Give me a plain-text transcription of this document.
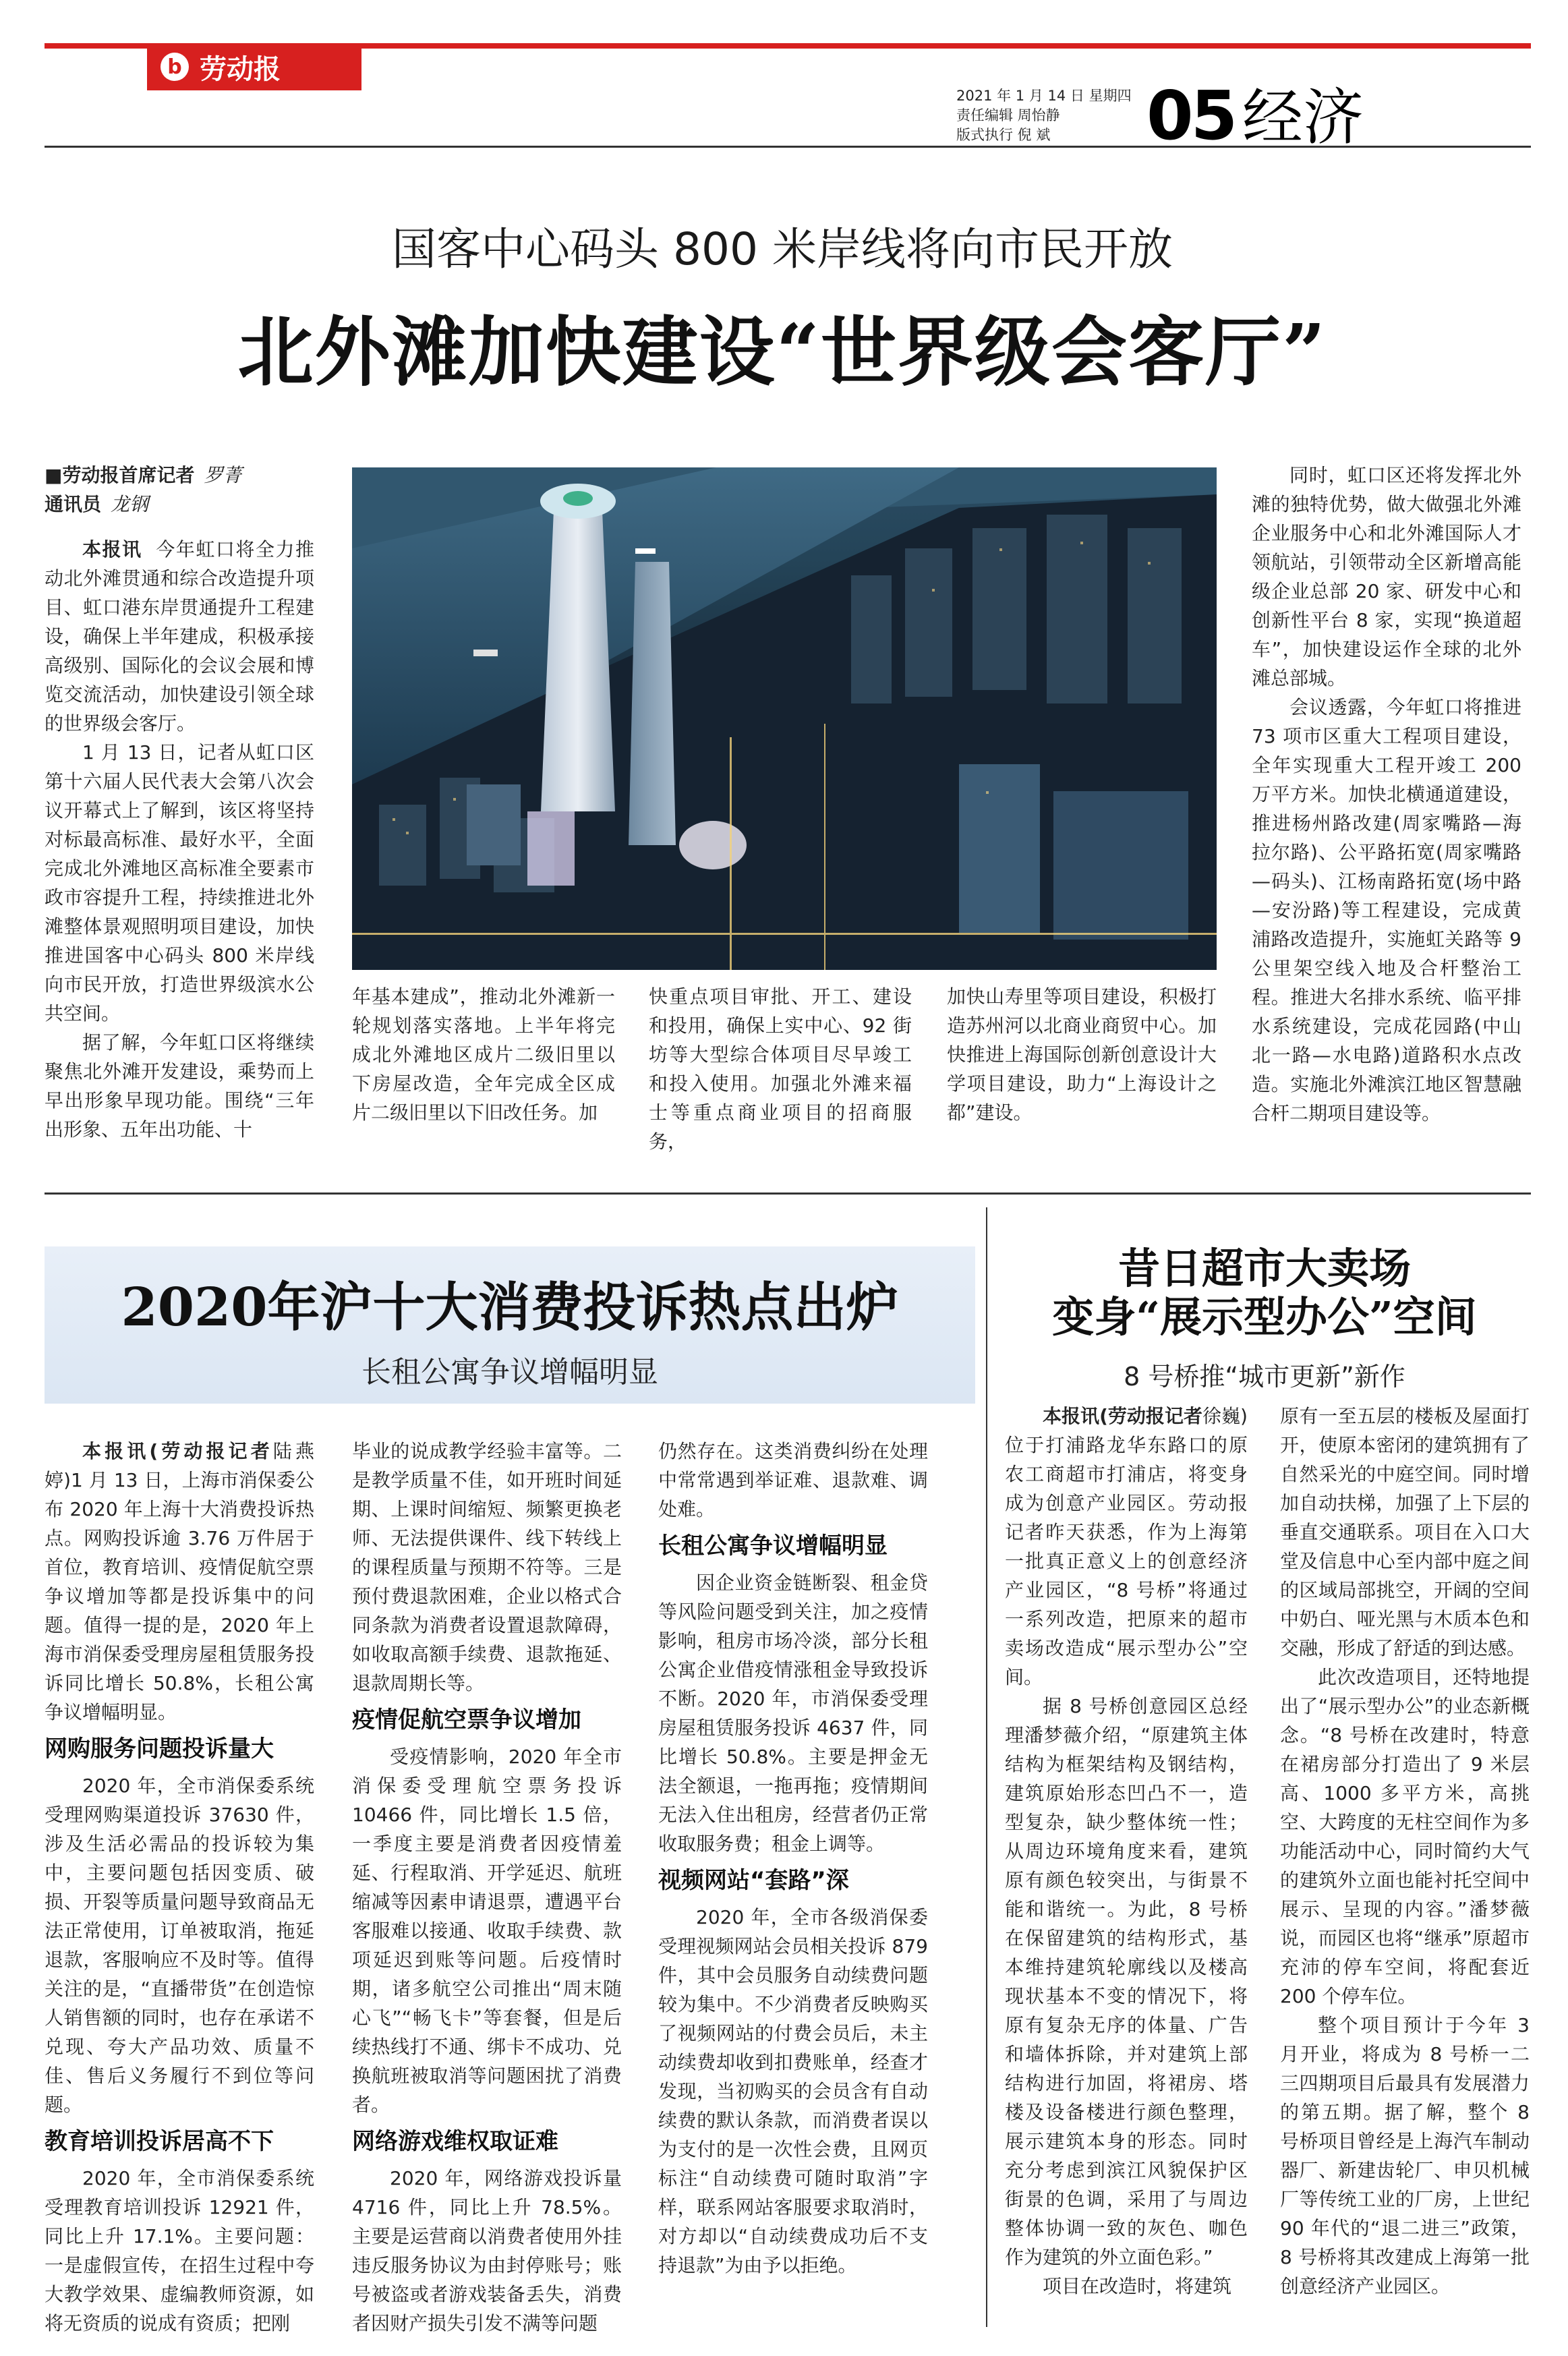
b 劳动报
2021 年 1 月 14 日 星期四
责任编辑 周怡静
版式执行 倪 斌	05 经济
国客中心码头 800 米岸线将向市民开放
北外滩加快建设“世界级会客厅”

■劳动报首席记者 罗菁

通讯员 龙钢

本报讯 今年虹口将全力推动北外滩贯通和综合改造提升项目、虹口港东岸贯通提升工程建设，确保上半年建成，积极承接高级别、国际化的会议会展和博览交流活动，加快建设引领全球的世界级会客厅。

1 月 13 日，记者从虹口区第十六届人民代表大会第八次会议开幕式上了解到，该区将坚持对标最高标准、最好水平，全面完成北外滩地区高标准全要素市政市容提升工程，持续推进北外滩整体景观照明项目建设，加快推进国客中心码头 800 米岸线向市民开放，打造世界级滨水公共空间。

据了解，今年虹口区将继续聚焦北外滩开发建设，乘势而上早出形象早现功能。围绕“三年出形象、五年出功能、十

年基本建成”，推动北外滩新一轮规划落实落地。上半年将完成北外滩地区成片二级旧里以下房屋改造，全年完成全区成片二级旧里以下旧改任务。加
快重点项目审批、开工、建设和投用，确保上实中心、92 街坊等大型综合体项目尽早竣工和投入使用。加强北外滩来福士等重点商业项目的招商服务，
加快山寿里等项目建设，积极打造苏州河以北商业商贸中心。加快推进上海国际创新创意设计大学项目建设，助力“上海设计之都”建设。

同时，虹口区还将发挥北外滩的独特优势，做大做强北外滩企业服务中心和北外滩国际人才领航站，引领带动全区新增高能级企业总部 20 家、研发中心和创新性平台 8 家，实现“换道超车”，加快建设运作全球的北外滩总部城。

会议透露，今年虹口将推进 73 项市区重大工程项目建设，全年实现重大工程开竣工 200 万平方米。加快北横通道建设，推进杨州路改建(周家嘴路—海拉尔路)、公平路拓宽(周家嘴路—码头)、江杨南路拓宽(场中路—安汾路)等工程建设，完成黄浦路改造提升，实施虹关路等 9 公里架空线入地及合杆整治工程。推进大名排水系统、临平排水系统建设，完成花园路(中山北一路—水电路)道路积水点改造。实施北外滩滨江地区智慧融合杆二期项目建设等。

2020年沪十大消费投诉热点出炉
长租公寓争议增幅明显

本报讯(劳动报记者陆燕婷)1 月 13 日，上海市消保委公布 2020 年上海十大消费投诉热点。网购投诉逾 3.76 万件居于首位，教育培训、疫情促航空票争议增加等都是投诉集中的问题。值得一提的是，2020 年上海市消保委受理房屋租赁服务投诉同比增长 50.8%，长租公寓争议增幅明显。

网购服务问题投诉量大

2020 年，全市消保委系统受理网购渠道投诉 37630 件，涉及生活必需品的投诉较为集中，主要问题包括因变质、破损、开裂等质量问题导致商品无法正常使用，订单被取消，拖延退款，客服响应不及时等。值得关注的是，“直播带货”在创造惊人销售额的同时，也存在承诺不兑现、夸大产品功效、质量不佳、售后义务履行不到位等问题。

教育培训投诉居高不下

2020 年，全市消保委系统受理教育培训投诉 12921 件，同比上升 17.1%。主要问题：一是虚假宣传，在招生过程中夸大教学效果、虚编教师资源，如将无资质的说成有资质；把刚

毕业的说成教学经验丰富等。二是教学质量不佳，如开班时间延期、上课时间缩短、频繁更换老师、无法提供课件、线下转线上的课程质量与预期不符等。三是预付费退款困难，企业以格式合同条款为消费者设置退款障碍，如收取高额手续费、退款拖延、退款周期长等。

疫情促航空票争议增加

受疫情影响，2020 年全市消保委受理航空票务投诉 10466 件，同比增长 1.5 倍，一季度主要是消费者因疫情羞延、行程取消、开学延迟、航班缩减等因素申请退票，遭遇平台客服难以接通、收取手续费、款项延迟到账等问题。后疫情时期，诸多航空公司推出“周末随心飞”“畅飞卡”等套餐，但是后续热线打不通、绑卡不成功、兑换航班被取消等问题困扰了消费者。

网络游戏维权取证难

2020 年，网络游戏投诉量 4716 件，同比上升 78.5%。主要是运营商以消费者使用外挂违反服务协议为由封停账号；账号被盗或者游戏装备丢失，消费者因财产损失引发不满等问题

仍然存在。这类消费纠纷在处理中常常遇到举证难、退款难、调处难。

长租公寓争议增幅明显

因企业资金链断裂、租金贷等风险问题受到关注，加之疫情影响，租房市场冷淡，部分长租公寓企业借疫情涨租金导致投诉不断。2020 年，市消保委受理房屋租赁服务投诉 4637 件，同比增长 50.8%。主要是押金无法全额退，一拖再拖；疫情期间无法入住出租房，经营者仍正常收取服务费；租金上调等。

视频网站“套路”深

2020 年，全市各级消保委受理视频网站会员相关投诉 879 件，其中会员服务自动续费问题较为集中。不少消费者反映购买了视频网站的付费会员后，未主动续费却收到扣费账单，经查才发现，当初购买的会员含有自动续费的默认条款，而消费者误以为支付的是一次性会费，且网页标注“自动续费可随时取消”字样，联系网站客服要求取消时，对方却以“自动续费成功后不支持退款”为由予以拒绝。

昔日超市大卖场
变身“展示型办公”空间
8 号桥推“城市更新”新作

本报讯(劳动报记者徐巍)位于打浦路龙华东路口的原农工商超市打浦店，将变身成为创意产业园区。劳动报记者昨天获悉，作为上海第一批真正意义上的创意经济产业园区，“8 号桥”将通过一系列改造，把原来的超市卖场改造成“展示型办公”空间。

据 8 号桥创意园区总经理潘梦薇介绍，“原建筑主体结构为框架结构及钢结构，建筑原始形态凹凸不一，造型复杂，缺少整体统一性；从周边环境角度来看，建筑原有颜色较突出，与街景不能和谐统一。为此，8 号桥在保留建筑的结构形式，基本维持建筑轮廓线以及楼高现状基本不变的情况下，将原有复杂无序的体量、广告和墙体拆除，并对建筑上部结构进行加固，将裙房、塔楼及设备楼进行颜色整理，展示建筑本身的形态。同时充分考虑到滨江风貌保护区街景的色调，采用了与周边整体协调一致的灰色、咖色作为建筑的外立面色彩。”

项目在改造时，将建筑

原有一至五层的楼板及屋面打开，使原本密闭的建筑拥有了自然采光的中庭空间。同时增加自动扶梯，加强了上下层的垂直交通联系。项目在入口大堂及信息中心至内部中庭之间的区域局部挑空，开阔的空间中奶白、哑光黑与木质本色和交融，形成了舒适的到达感。

此次改造项目，还特地提出了“展示型办公”的业态新概念。“8 号桥在改建时，特意在裙房部分打造出了 9 米层高、1000 多平方米，高挑空、大跨度的无柱空间作为多功能活动中心，同时简约大气的建筑外立面也能衬托空间中展示、呈现的内容。”潘梦薇说，而园区也将“继承”原超市充沛的停车空间，将配套近 200 个停车位。

整个项目预计于今年 3 月开业，将成为 8 号桥一二三四期项目后最具有发展潜力的第五期。据了解，整个 8 号桥项目曾经是上海汽车制动器厂、新建齿轮厂、申贝机械厂等传统工业的厂房，上世纪 90 年代的“退二进三”政策，8 号桥将其改建成上海第一批创意经济产业园区。
